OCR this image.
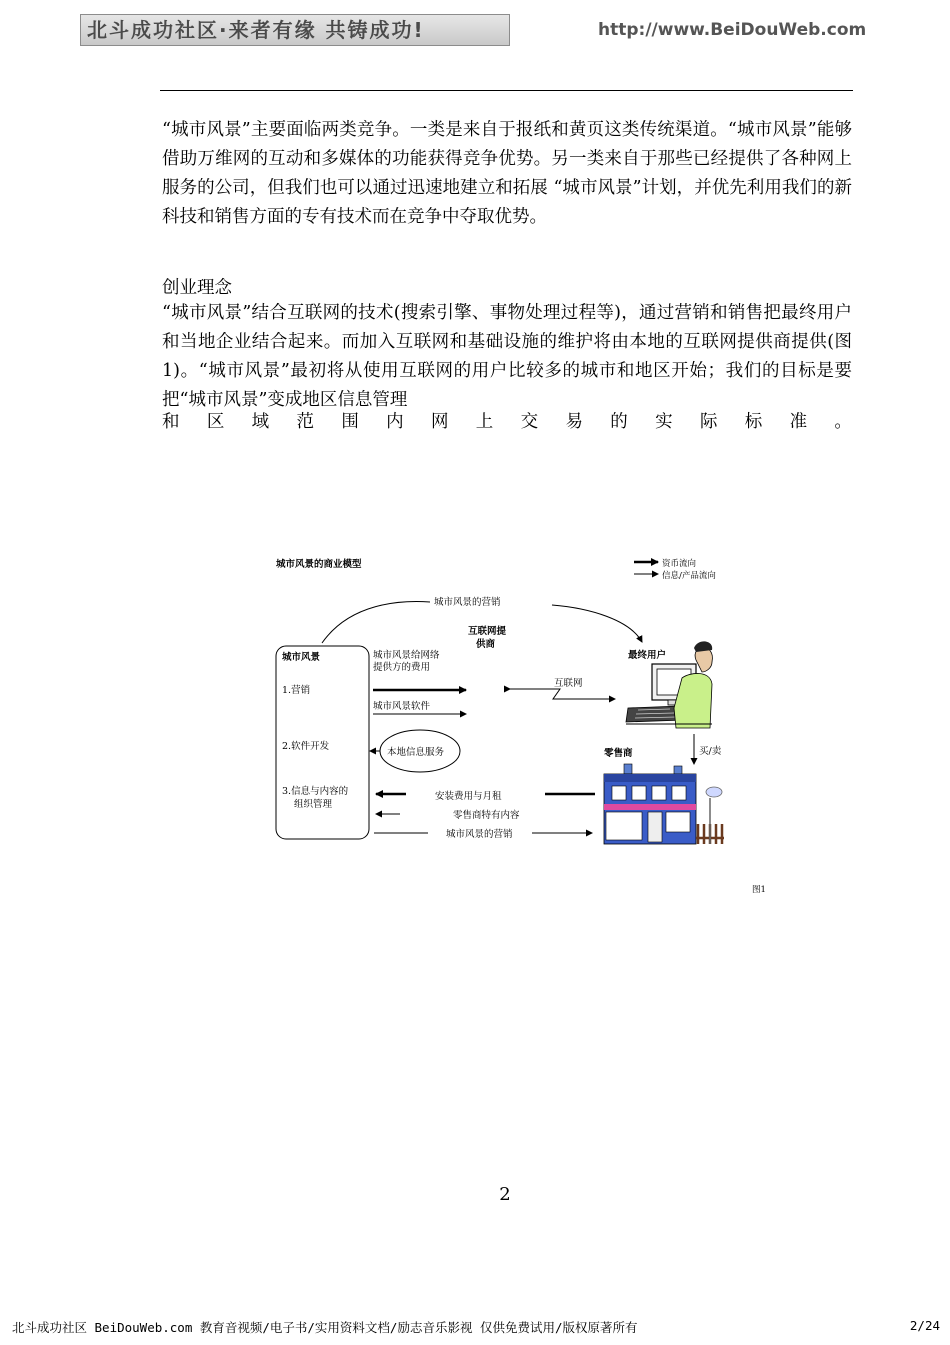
北斗成功社区·来者有缘 共铸成功!	http://www.BeiDouWeb.com

“城市风景”主要面临两类竞争。一类是来自于报纸和黄页这类传统渠道。“城市风景”能够借助万维网的互动和多媒体的功能获得竞争优势。另一类来自于那些已经提供了各种网上服务的公司，但我们也可以通过迅速地建立和拓展 “城市风景”计划，并优先利用我们的新科技和销售方面的专有技术而在竞争中夺取优势。

创业理念

“城市风景”结合互联网的技术(搜索引擎、事物处理过程等)，通过营销和销售把最终用户和当地企业结合起来。而加入互联网和基础设施的维护将由本地的互联网提供商提供(图 1)。“城市风景”最初将从使用互联网的用户比较多的城市和地区开始；我们的目标是要把“城市风景”变成地区信息管理

和 区 域 范 围 内 网 上 交 易 的 实 际 标 准 。
城市风景的商业模型	资币流向
信息/产品流向
城市风景的营销
互联网提
供商
城市风景
1.营销
2.软件开发
3.信息与内容的
组织管理
城市风景给网络
提供方的费用
城市风景软件
本地信息服务
互联网
最终用户
买/卖
零售商
安装费用与月租
零售商特有内容
城市风景的营销
图1
2
北斗成功社区 BeiDouWeb.com 教育音视频/电子书/实用资料文档/励志音乐影视 仅供免费试用/版权原著所有	2/24
